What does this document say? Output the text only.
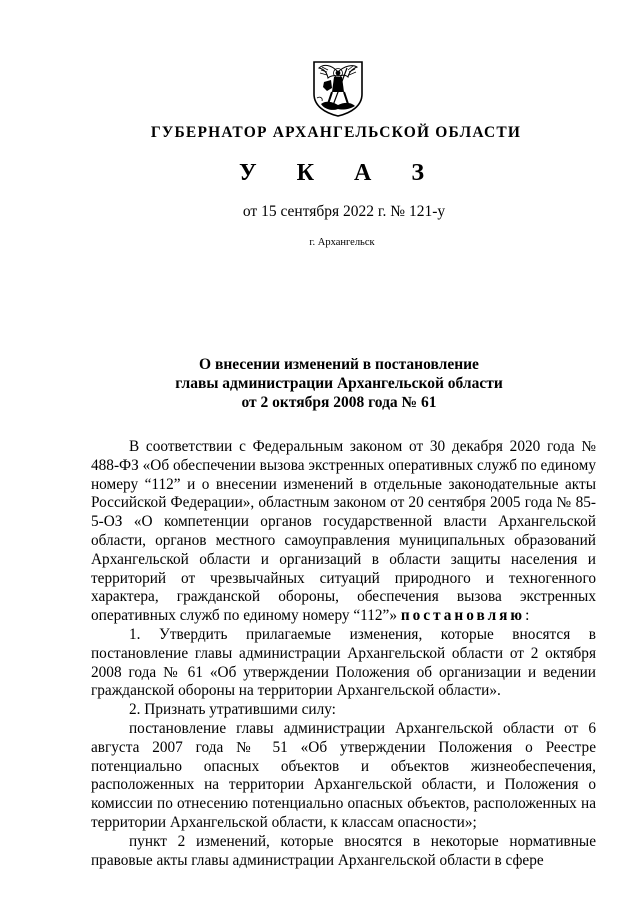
ГУБЕРНАТОР АРХАНГЕЛЬСКОЙ ОБЛАСТИ
У К А З
от 15 сентября 2022 г. № 121-у
г. Архангельск
О внесении изменений в постановление
главы администрации Архангельской области
от 2 октября 2008 года № 61

В соответствии с Федеральным законом от 30 декабря 2020 года № 488-ФЗ «Об обеспечении вызова экстренных оперативных служб по единому номеру “112” и о внесении изменений в отдельные законодательные акты Российской Федерации», областным законом от 20 сентября 2005 года № 85-5-ОЗ «О компетенции органов государственной власти Архангельской области, органов местного самоуправления муниципальных образований Архангельской области и организаций в области защиты населения и территорий от чрезвычайных ситуаций природного и техногенного характера, гражданской обороны, обеспечения вызова экстренных оперативных служб по единому номеру “112”» постановляю:

1. Утвердить прилагаемые изменения, которые вносятся в постановление главы администрации Архангельской области от 2 октября 2008 года № 61 «Об утверждении Положения об организации и ведении гражданской обороны на территории Архангельской области».

2. Признать утратившими силу:

постановление главы администрации Архангельской области от 6 августа 2007 года № 51 «Об утверждении Положения о Реестре потенциально опасных объектов и объектов жизнеобеспечения, расположенных на территории Архангельской области, и Положения о комиссии по отнесению потенциально опасных объектов, расположенных на территории Архангельской области, к классам опасности»;

пункт 2 изменений, которые вносятся в некоторые нормативные правовые акты главы администрации Архангельской области в сфере
